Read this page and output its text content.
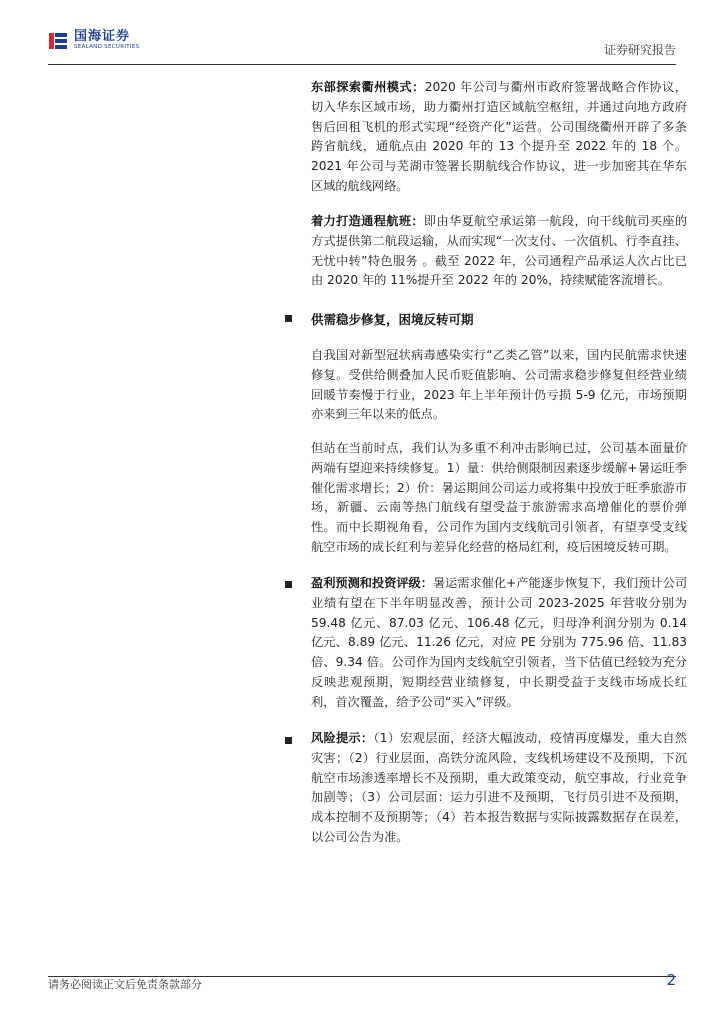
国海证券
SEALAND SECURITIES	证券研究报告
东部探索衢州模式：2020 年公司与衢州市政府签署战略合作协议，切入华东区域市场，助力衢州打造区域航空枢纽，并通过向地方政府售后回租飞机的形式实现“经资产化”运营。公司围绕衢州开辟了多条跨省航线，通航点由 2020 年的 13 个提升至 2022 年的 18 个。2021 年公司与芜湖市签署长期航线合作协议，进一步加密其在华东区域的航线网络。
着力打造通程航班：即由华夏航空承运第一航段，向干线航司买座的方式提供第二航段运输，从而实现“一次支付、一次值机、行李直挂、无忧中转”特色服务 。截至 2022 年，公司通程产品承运人次占比已由 2020 年的 11%提升至 2022 年的 20%，持续赋能客流增长。
供需稳步修复，困境反转可期
自我国对新型冠状病毒感染实行“乙类乙管”以来，国内民航需求快速修复。受供给侧叠加人民币贬值影响、公司需求稳步修复但经营业绩回暖节奏慢于行业，2023 年上半年预计仍亏损 5-9 亿元，市场预期亦来到三年以来的低点。
但站在当前时点，我们认为多重不利冲击影响已过，公司基本面量价两端有望迎来持续修复。1）量：供给侧限制因素逐步缓解+暑运旺季催化需求增长；2）价：暑运期间公司运力或将集中投放于旺季旅游市场，新疆、云南等热门航线有望受益于旅游需求高增催化的票价弹性。而中长期视角看，公司作为国内支线航司引领者，有望享受支线航空市场的成长红利与差异化经营的格局红利，疫后困境反转可期。
盈利预测和投资评级：暑运需求催化+产能逐步恢复下，我们预计公司业绩有望在下半年明显改善，预计公司 2023-2025 年营收分别为 59.48 亿元、87.03 亿元、106.48 亿元，归母净利润分别为 0.14 亿元、8.89 亿元、11.26 亿元，对应 PE 分别为 775.96 倍、11.83 倍、9.34 倍。公司作为国内支线航空引领者，当下估值已经较为充分反映悲观预期，短期经营业绩修复，中长期受益于支线市场成长红利，首次覆盖，给予公司“买入”评级。
风险提示：（1）宏观层面，经济大幅波动，疫情再度爆发，重大自然灾害；（2）行业层面，高铁分流风险，支线机场建设不及预期，下沉航空市场渗透率增长不及预期，重大政策变动，航空事故，行业竞争加剧等；（3）公司层面：运力引进不及预期，飞行员引进不及预期，成本控制不及预期等；（4）若本报告数据与实际披露数据存在误差，以公司公告为准。
请务必阅读正文后免责条款部分	2
